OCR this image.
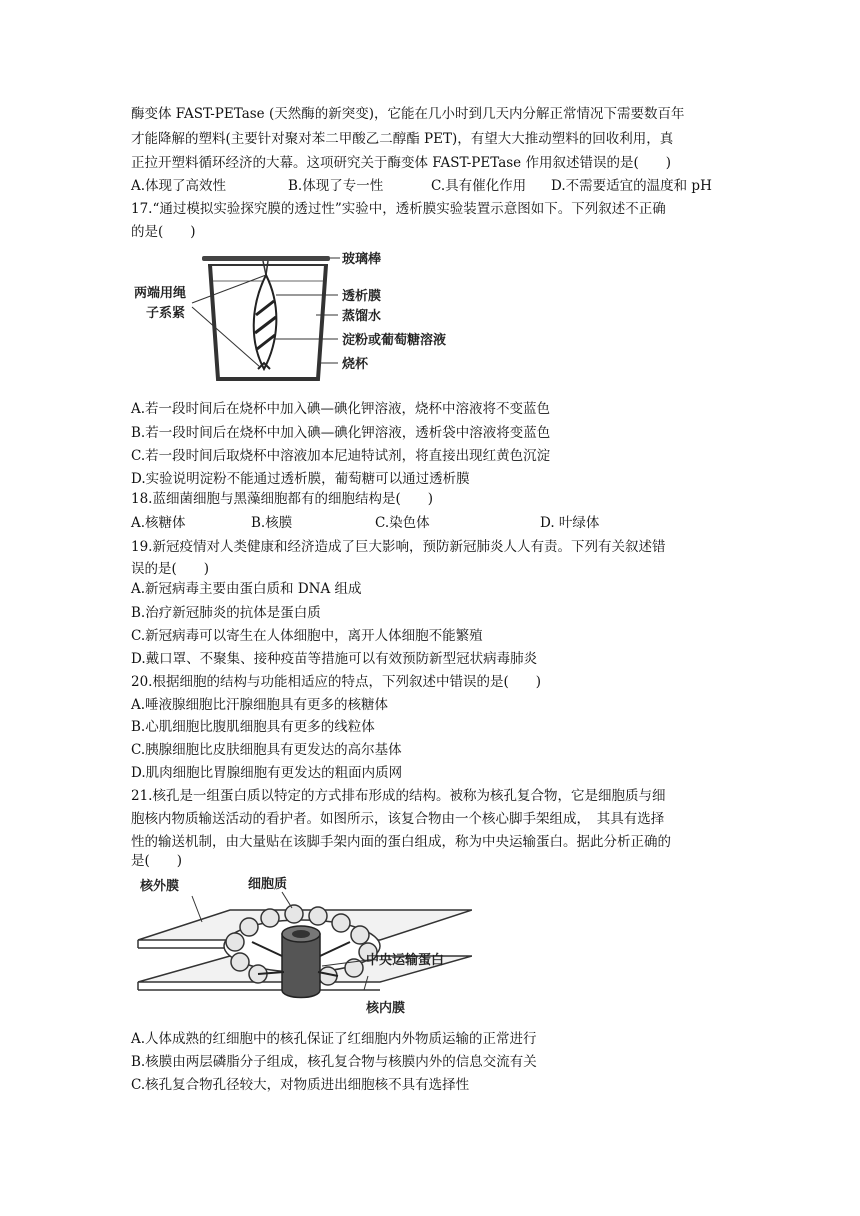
酶变体 FAST-PETase (天然酶的新突变)，它能在几小时到几天内分解正常情况下需要数百年
才能降解的塑料(主要针对聚对苯二甲酸乙二醇酯 PET)，有望大大推动塑料的回收利用，真
正拉开塑料循环经济的大幕。这项研究关于酶变体 FAST-PETase 作用叙述错误的是(　　)
A.体现了高效性	B.体现了专一性	C.具有催化作用 D.不需要适宜的温度和 pH
17.“通过模拟实验探究膜的透过性”实验中，透析膜实验装置示意图如下。下列叙述不正确
的是(　　)
两端用绳
子系紧
玻璃棒
透析膜
蒸馏水
淀粉或葡萄糖溶液
烧杯
A.若一段时间后在烧杯中加入碘—碘化钾溶液，烧杯中溶液将不变蓝色
B.若一段时间后在烧杯中加入碘—碘化钾溶液，透析袋中溶液将变蓝色
C.若一段时间后取烧杯中溶液加本尼迪特试剂，将直接出现红黄色沉淀
D.实验说明淀粉不能通过透析膜，葡萄糖可以通过透析膜
18.蓝细菌细胞与黑藻细胞都有的细胞结构是(　　)
A.核糖体	B.核膜	C.染色体	D. 叶绿体
19.新冠疫情对人类健康和经济造成了巨大影响，预防新冠肺炎人人有责。下列有关叙述错
误的是(　　)
A.新冠病毒主要由蛋白质和 DNA 组成
B.治疗新冠肺炎的抗体是蛋白质
C.新冠病毒可以寄生在人体细胞中，离开人体细胞不能繁殖
D.戴口罩、不聚集、接种疫苗等措施可以有效预防新型冠状病毒肺炎
20.根据细胞的结构与功能相适应的特点，下列叙述中错误的是(　　)
A.唾液腺细胞比汗腺细胞具有更多的核糖体
B.心肌细胞比腹肌细胞具有更多的线粒体
C.胰腺细胞比皮肤细胞具有更发达的高尔基体
D.肌肉细胞比胃腺细胞有更发达的粗面内质网
21.核孔是一组蛋白质以特定的方式排布形成的结构。被称为核孔复合物，它是细胞质与细
胞核内物质输送活动的看护者。如图所示，该复合物由一个核心脚手架组成，　其具有选择
性的输送机制，由大量贴在该脚手架内面的蛋白组成，称为中央运输蛋白。据此分析正确的
是(　　)
核外膜	细胞质
中央运输蛋白
核内膜
A.人体成熟的红细胞中的核孔保证了红细胞内外物质运输的正常进行
B.核膜由两层磷脂分子组成，核孔复合物与核膜内外的信息交流有关
C.核孔复合物孔径较大，对物质进出细胞核不具有选择性
